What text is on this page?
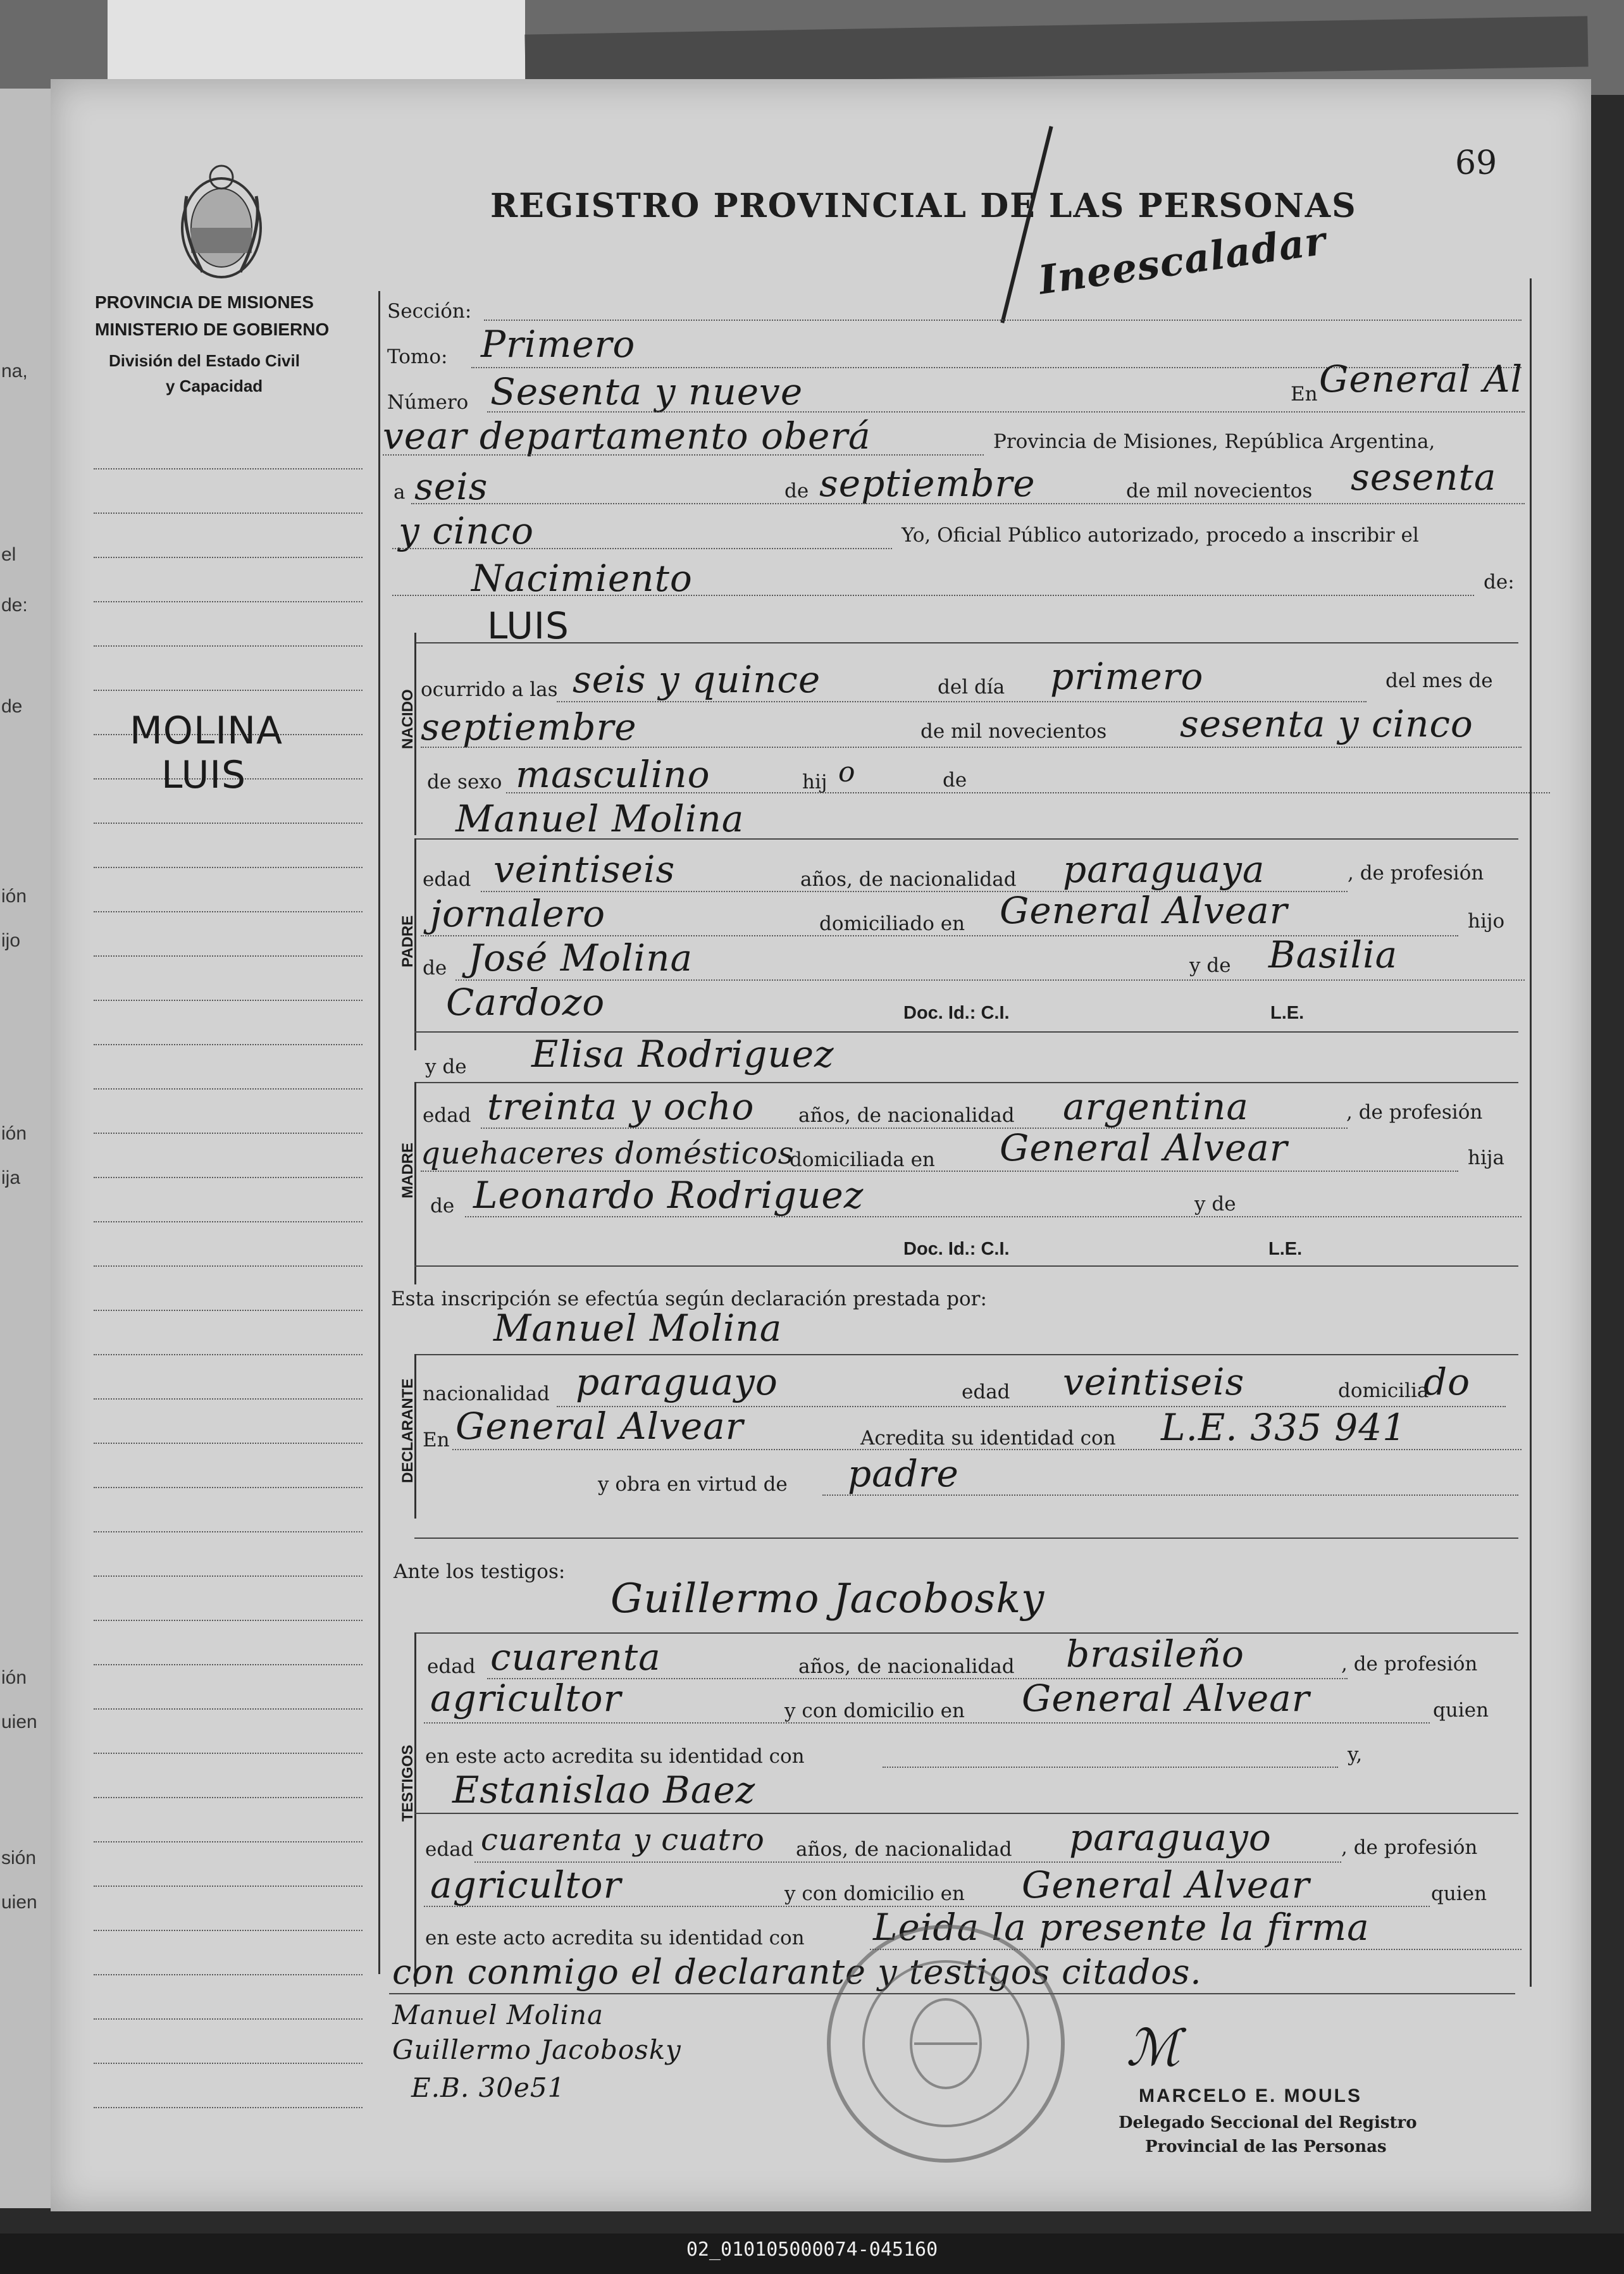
na,
el
de:
de
ión
ijo
ión
ija
ión
uien
sión
uien
69
REGISTRO PROVINCIAL DE LAS PERSONAS
Ineescaladar
PROVINCIA DE MISIONES
MINISTERIO DE GOBIERNO
División del Estado Civil
y Capacidad
MOLINA
LUIS
Sección:
Tomo: Primero
Número Sesenta y nueve	En General Al
vear departamento oberá	Provincia de Misiones, República Argentina,
a seis	de septiembre	de mil novecientos sesenta
y cinco	Yo, Oficial Público autorizado, procedo a inscribir el
Nacimiento	de:
LUIS
NACIDO ocurrido a las seis y quince	del día primero	del mes de
septiembre	de mil novecientos sesenta y cinco
de sexo masculino	hij o	de
Manuel Molina
PADRE
edad veintiseis	años, de nacionalidad paraguaya	, de profesión
jornalero	domiciliado en General Alvear	hijo
de José Molina	y de Basilia
Cardozo	Doc. Id.: C.I.	L.E.
y de Elisa Rodriguez
MADRE
edad treinta y ocho años, de nacionalidad argentina	, de profesión
quehaceres domésticos
domiciliada en General Alvear	hija
de Leonardo Rodriguez	y de
Doc. Id.: C.I.	L.E.
Esta inscripción se efectúa según declaración prestada por:
Manuel Molina
DECLARANTE nacionalidad paraguayo	edad veintiseis	domicilia
do
En General Alvear	Acredita su identidad con L.E. 335 941
y obra en virtud de padre
Ante los testigos:
Guillermo Jacobosky
TESTIGOS
edad cuarenta	años, de nacionalidad brasileño	, de profesión
agricultor	y con domicilio en General Alvear	quien
en este acto acredita su identidad con	y,
Estanislao Baez
edad cuarenta y cuatro años, de nacionalidad paraguayo	, de profesión
agricultor	y con domicilio en General Alvear	quien
en este acto acredita su identidad con Leida la presente la firma
con conmigo el declarante y testigos citados.
Manuel Molina
Guillermo Jacobosky
E.B. 30e51
ℳ
MARCELO E. MOULS
Delegado Seccional del Registro
Provincial de las Personas
02_010105000074-045160
